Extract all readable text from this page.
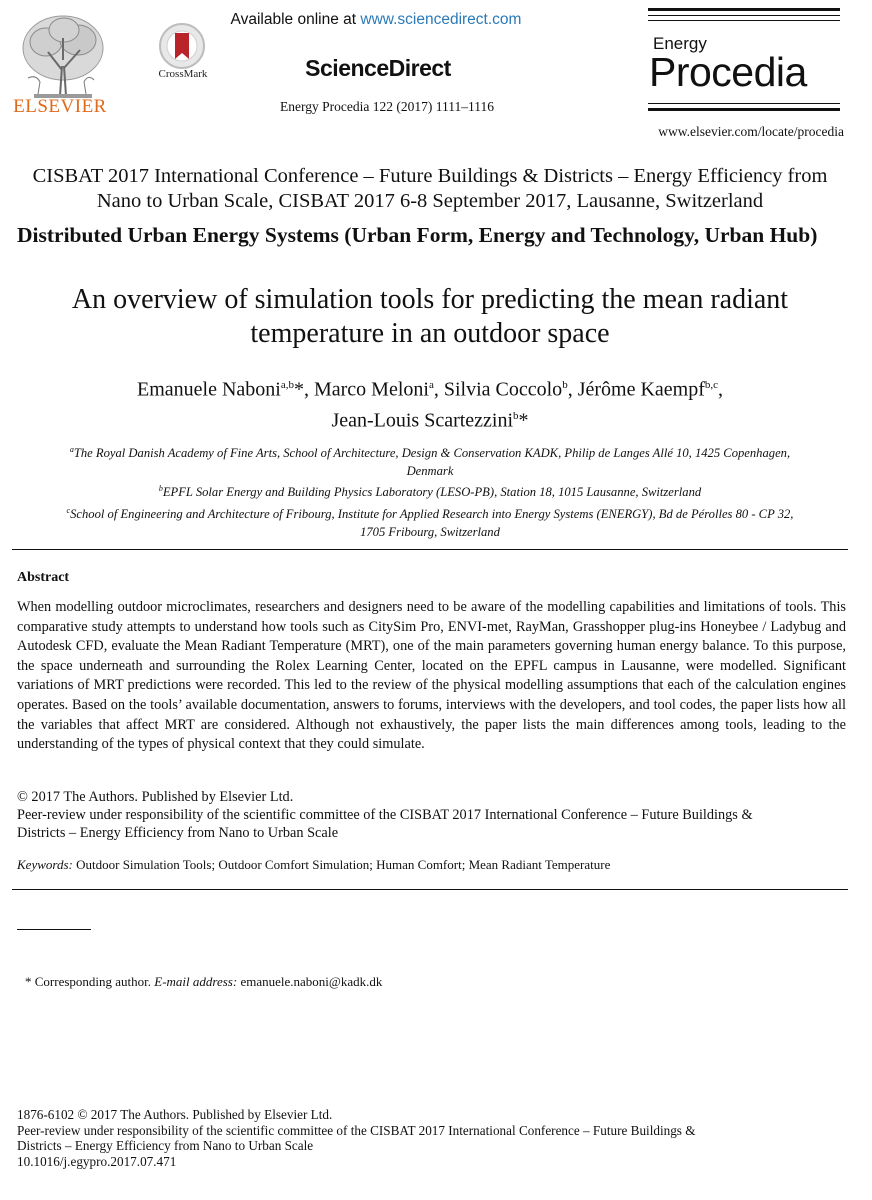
ELSEVIER
CrossMark
Available online at www.sciencedirect.com
ScienceDirect
Energy Procedia 122 (2017) 1111–1116
Energy
Procedia
www.elsevier.com/locate/procedia
CISBAT 2017 International Conference – Future Buildings & Districts – Energy Efficiency from
Nano to Urban Scale, CISBAT 2017 6-8 September 2017, Lausanne, Switzerland
Distributed Urban Energy Systems (Urban Form, Energy and Technology, Urban Hub)
An overview of simulation tools for predicting the mean radiant
temperature in an outdoor space
Emanuele Naboni$^{a,b}$*, Marco Meloni$^a$, Silvia Coccolo$^b$, Jérôme Kaempf$^{b,c}$,
Jean-Louis Scartezzini$^b$*
$^a$The Royal Danish Academy of Fine Arts, School of Architecture, Design & Conservation KADK, Philip de Langes Allé 10, 1425 Copenhagen,
Denmark
$^b$EPFL Solar Energy and Building Physics Laboratory (LESO-PB), Station 18, 1015 Lausanne, Switzerland
$^c$School of Engineering and Architecture of Fribourg, Institute for Applied Research into Energy Systems (ENERGY), Bd de Pérolles 80 - CP 32,
1705 Fribourg, Switzerland
Abstract
When modelling outdoor microclimates, researchers and designers need to be aware of the modelling capabilities and limitations of tools. This comparative study attempts to understand how tools such as CitySim Pro, ENVI-met, RayMan, Grasshopper plug-ins Honeybee / Ladybug and Autodesk CFD, evaluate the Mean Radiant Temperature (MRT), one of the main parameters governing human energy balance. To this purpose, the space underneath and surrounding the Rolex Learning Center, located on the EPFL campus in Lausanne, were modelled. Significant variations of MRT predictions were recorded. This led to the review of the physical modelling assumptions that each of the calculation engines operates. Based on the tools’ available documentation, answers to forums, interviews with the developers, and tool codes, the paper lists how all the variables that affect MRT are considered. Although not exhaustively, the paper lists the main differences among tools, leading to the understanding of the types of physical context that they could simulate.
© 2017 The Authors. Published by Elsevier Ltd.
Peer-review under responsibility of the scientific committee of the CISBAT 2017 International Conference – Future Buildings &
Districts – Energy Efficiency from Nano to Urban Scale
Keywords: Outdoor Simulation Tools; Outdoor Comfort Simulation; Human Comfort; Mean Radiant Temperature
* Corresponding author. E-mail address: emanuele.naboni@kadk.dk
1876-6102 © 2017 The Authors. Published by Elsevier Ltd.
Peer-review under responsibility of the scientific committee of the CISBAT 2017 International Conference – Future Buildings &
Districts – Energy Efficiency from Nano to Urban Scale
10.1016/j.egypro.2017.07.471
